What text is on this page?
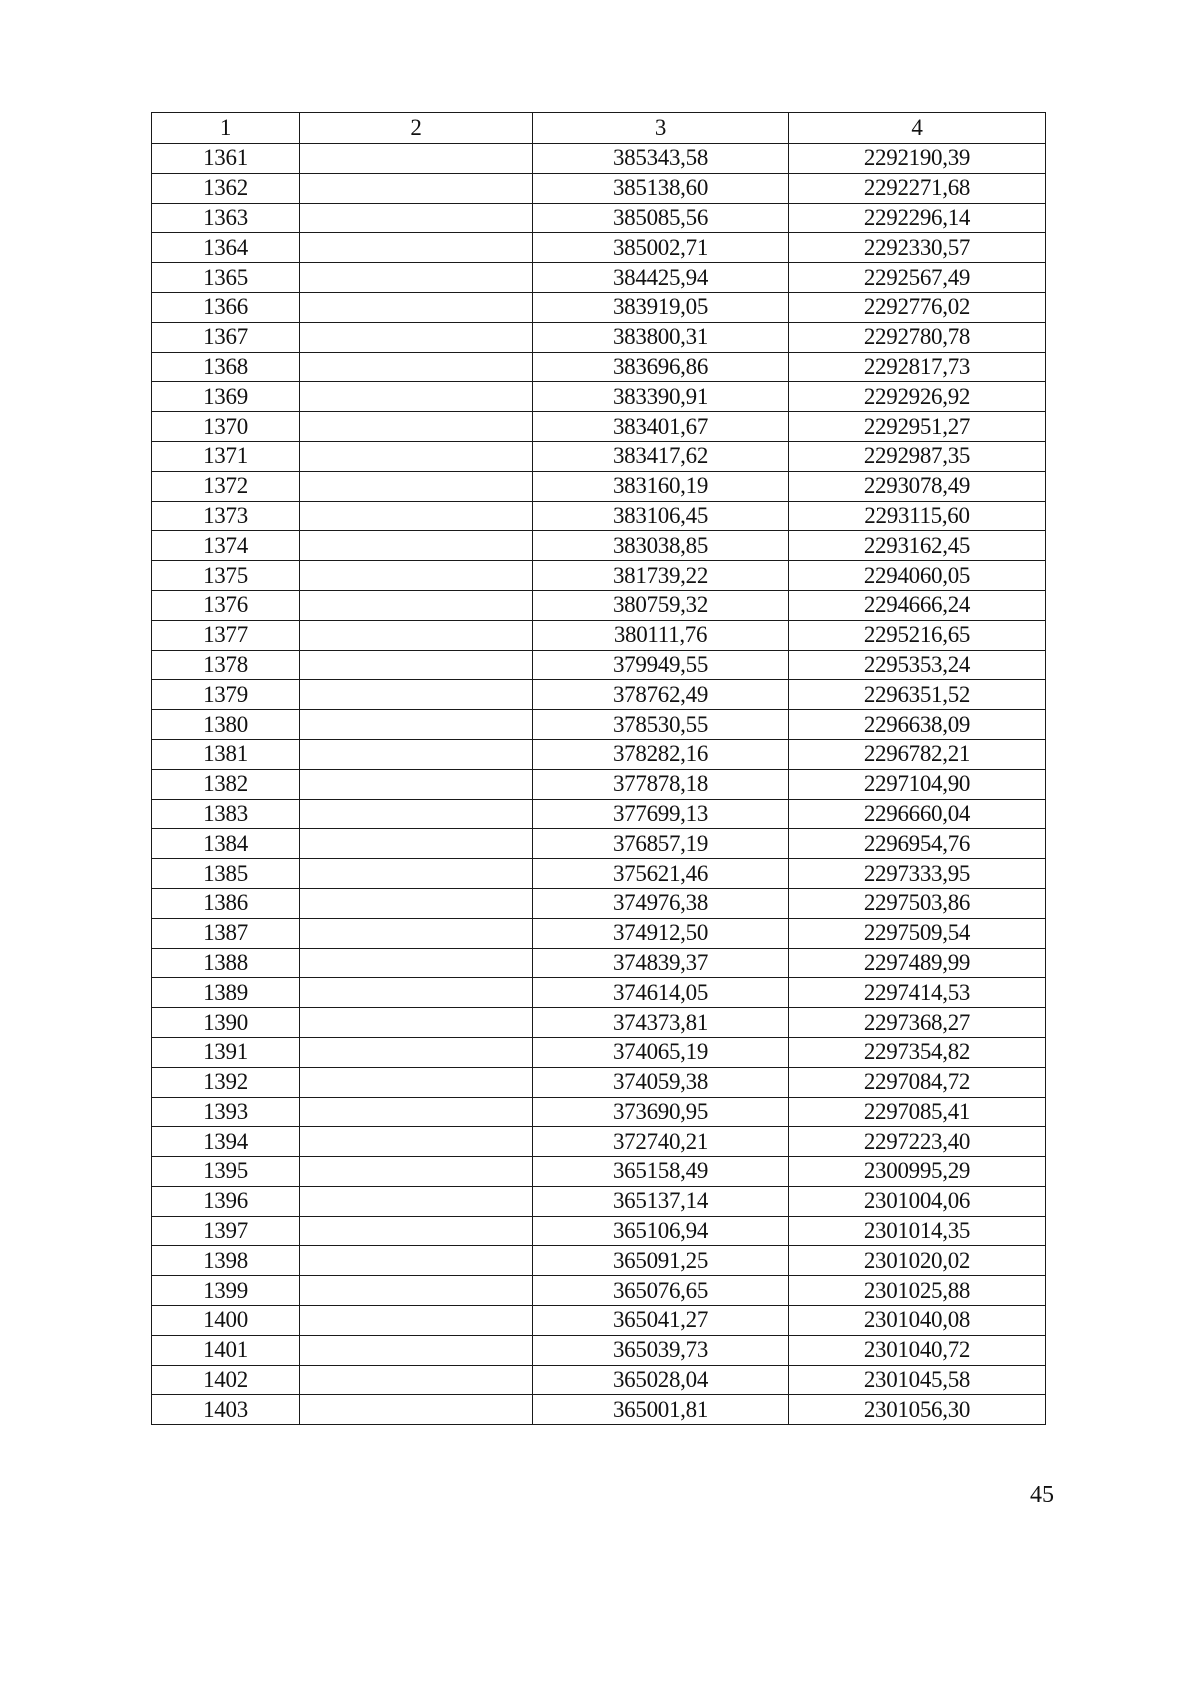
1	2	3	4
1361		385343,58	2292190,39
1362		385138,60	2292271,68
1363		385085,56	2292296,14
1364		385002,71	2292330,57
1365		384425,94	2292567,49
1366		383919,05	2292776,02
1367		383800,31	2292780,78
1368		383696,86	2292817,73
1369		383390,91	2292926,92
1370		383401,67	2292951,27
1371		383417,62	2292987,35
1372		383160,19	2293078,49
1373		383106,45	2293115,60
1374		383038,85	2293162,45
1375		381739,22	2294060,05
1376		380759,32	2294666,24
1377		380111,76	2295216,65
1378		379949,55	2295353,24
1379		378762,49	2296351,52
1380		378530,55	2296638,09
1381		378282,16	2296782,21
1382		377878,18	2297104,90
1383		377699,13	2296660,04
1384		376857,19	2296954,76
1385		375621,46	2297333,95
1386		374976,38	2297503,86
1387		374912,50	2297509,54
1388		374839,37	2297489,99
1389		374614,05	2297414,53
1390		374373,81	2297368,27
1391		374065,19	2297354,82
1392		374059,38	2297084,72
1393		373690,95	2297085,41
1394		372740,21	2297223,40
1395		365158,49	2300995,29
1396		365137,14	2301004,06
1397		365106,94	2301014,35
1398		365091,25	2301020,02
1399		365076,65	2301025,88
1400		365041,27	2301040,08
1401		365039,73	2301040,72
1402		365028,04	2301045,58
1403		365001,81	2301056,30
45
